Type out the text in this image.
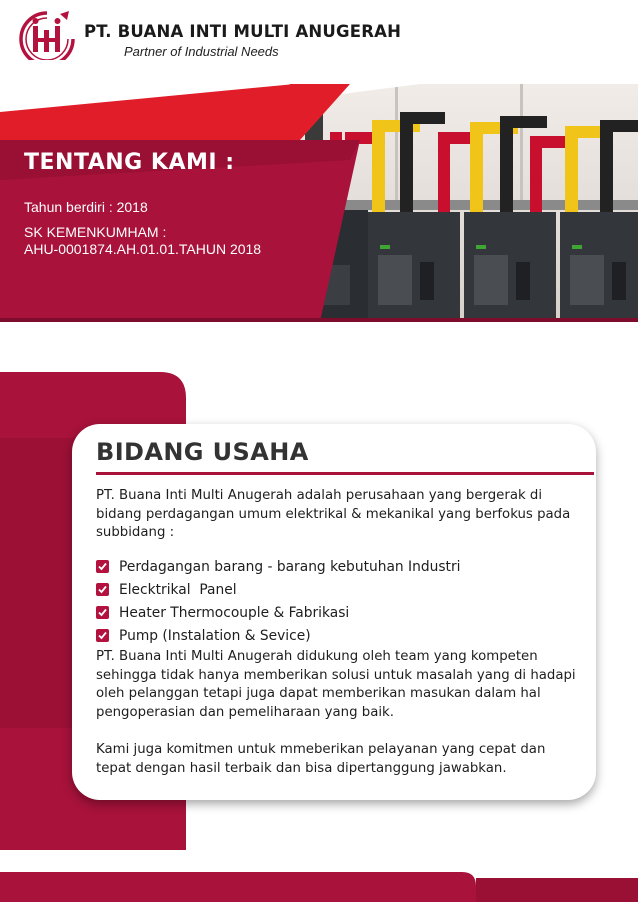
PT. BUANA INTI MULTI ANUGERAH
Partner of Industrial Needs
TENTANG KAMI :
Tahun berdiri : 2018
SK KEMENKUMHAM :
AHU-0001874.AH.01.01.TAHUN 2018
BIDANG USAHA

PT. Buana Inti Multi Anugerah adalah perusahaan yang bergerak di bidang perdagangan umum elektrikal & mekanikal yang berfokus pada subbidang :

Perdagangan barang - barang kebutuhan Industri
Elecktrikal  Panel
Heater Thermocouple & Fabrikasi
Pump (Instalation & Sevice)

PT. Buana Inti Multi Anugerah didukung oleh team yang kompeten sehingga tidak hanya memberikan solusi untuk masalah yang di hadapi oleh pelanggan tetapi juga dapat memberikan masukan dalam hal pengoperasian dan pemeliharaan yang baik.

Kami juga komitmen untuk mmeberikan pelayanan yang cepat dan tepat dengan hasil terbaik dan bisa dipertanggung jawabkan.
